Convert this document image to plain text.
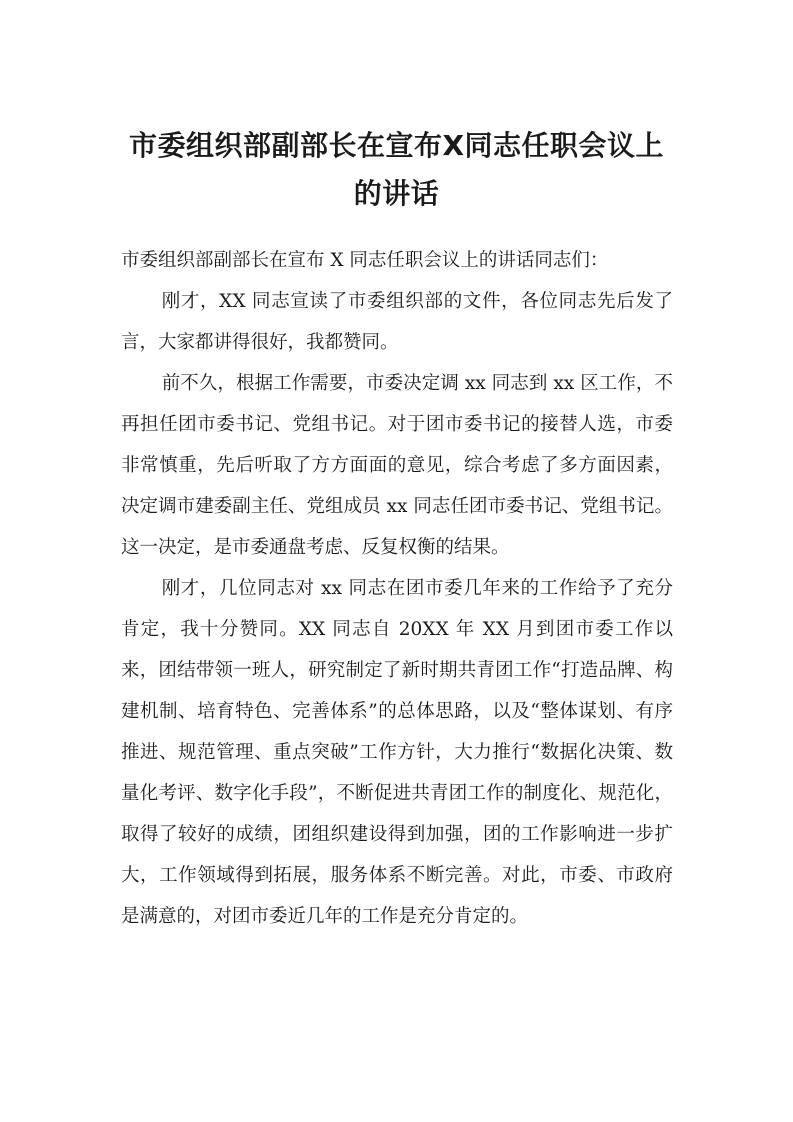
市委组织部副部长在宣布X同志任职会议上
的讲话

市委组织部副部长在宣布 X 同志任职会议上的讲话同志们：

刚才，XX 同志宣读了市委组织部的文件，各位同志先后发了言，大家都讲得很好，我都赞同。

前不久，根据工作需要，市委决定调 xx 同志到 xx 区工作，不再担任团市委书记、党组书记。对于团市委书记的接替人选，市委非常慎重，先后听取了方方面面的意见，综合考虑了多方面因素，决定调市建委副主任、党组成员 xx 同志任团市委书记、党组书记。这一决定，是市委通盘考虑、反复权衡的结果。

刚才，几位同志对 xx 同志在团市委几年来的工作给予了充分肯定，我十分赞同。XX 同志自 20XX 年 XX 月到团市委工作以来，团结带领一班人，研究制定了新时期共青团工作“打造品牌、构建机制、培育特色、完善体系”的总体思路，以及“整体谋划、有序推进、规范管理、重点突破”工作方针，大力推行“数据化决策、数量化考评、数字化手段”，不断促进共青团工作的制度化、规范化，取得了较好的成绩，团组织建设得到加强，团的工作影响进一步扩大，工作领域得到拓展，服务体系不断完善。对此，市委、市政府是满意的，对团市委近几年的工作是充分肯定的。
